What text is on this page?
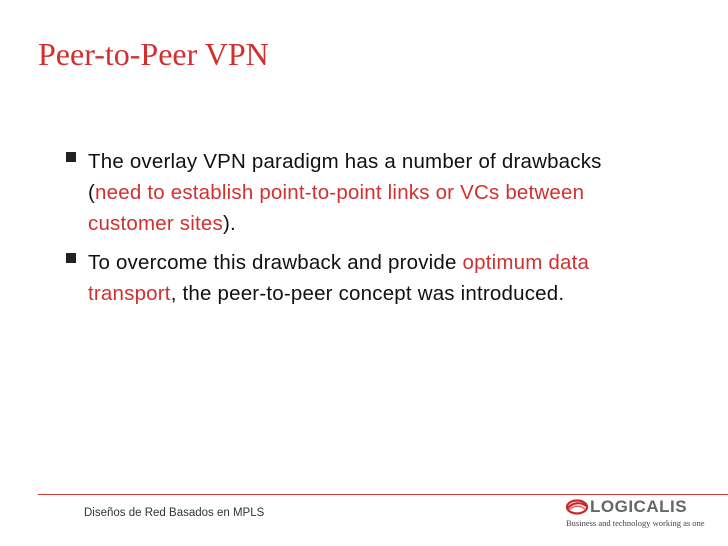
Peer-to-Peer VPN
The overlay VPN paradigm has a number of drawbacks (need to establish point-to-point links or VCs between customer sites).
To overcome this drawback and provide optimum data transport, the peer-to-peer concept was introduced.
Diseños de Red Basados en MPLS	LOGICALIS
Business and technology working as one
